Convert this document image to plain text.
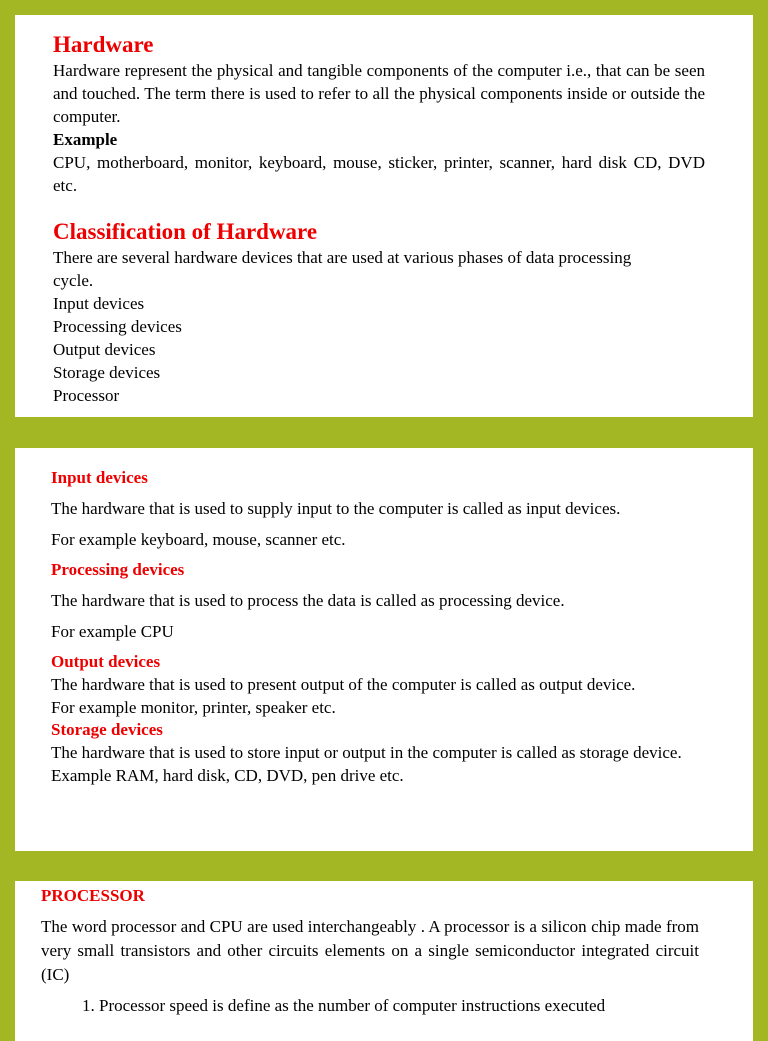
Hardware

Hardware represent the physical and tangible components of the computer i.e., that can be seen and touched. The term there is used to refer to all the physical components inside or outside the computer.

Example

CPU, motherboard, monitor, keyboard, mouse, sticker, printer, scanner, hard disk CD, DVD etc.

Classification of Hardware

There are several hardware devices that are used at various phases of data processing cycle.

Input devices

Processing devices

Output devices

Storage devices

Processor

Input devices

The hardware that is used to supply input to the computer is called as input devices.

For example keyboard, mouse, scanner etc.

Processing devices

The hardware that is used to process the data is called as processing device.

For example CPU

Output devices

The hardware that is used to present output of the computer is called as output device.

For example monitor, printer, speaker etc.

Storage devices

The hardware that is used to store input or output in the computer is called as storage device.

Example RAM, hard disk, CD, DVD, pen drive etc.

PROCESSOR

The word processor and CPU are used interchangeably . A processor is a silicon chip made from very small transistors and other circuits elements on a single semiconductor integrated circuit (IC)

1. Processor speed is define as the number of computer instructions executed
